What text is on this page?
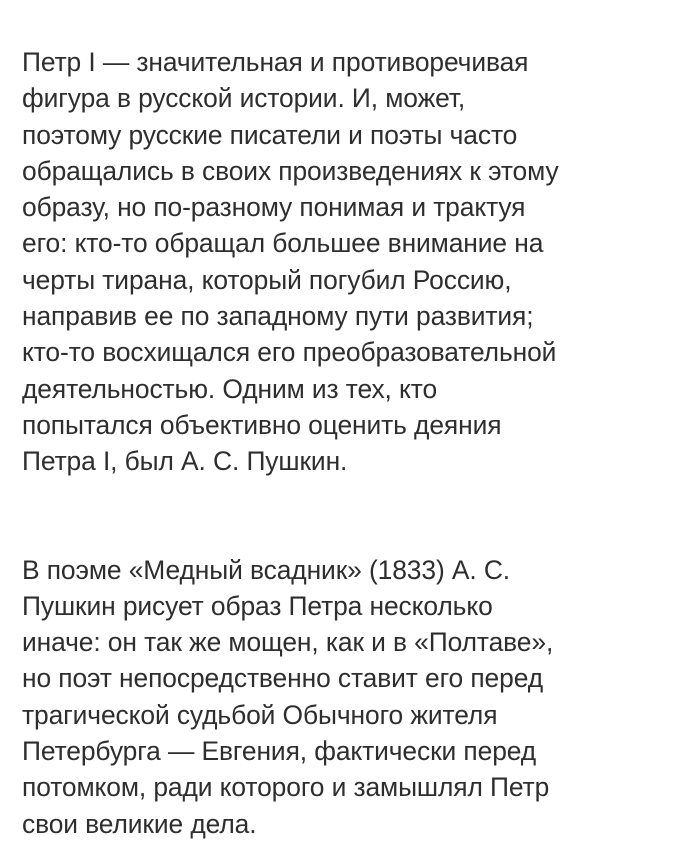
Петр I — значительная и противоречивая
фигура в русской истории. И, может,
поэтому русские писатели и поэты часто
обращались в своих произведениях к этому
образу, но по-разному понимая и трактуя
его: кто-то обращал большее внимание на
черты тирана, который погубил Россию,
направив ее по западному пути развития;
кто-то восхищался его преобразовательной
деятельностью. Одним из тех, кто
попытался объективно оценить деяния
Петра I, был А. С. Пушкин.
В поэме «Медный всадник» (1833) А. С.
Пушкин рисует образ Петра несколько
иначе: он так же мощен, как и в «Полтаве»,
но поэт непосредственно ставит его перед
трагической судьбой Обычного жителя
Петербурга — Евгения, фактически перед
потомком, ради которого и замышлял Петр
свои великие дела.
